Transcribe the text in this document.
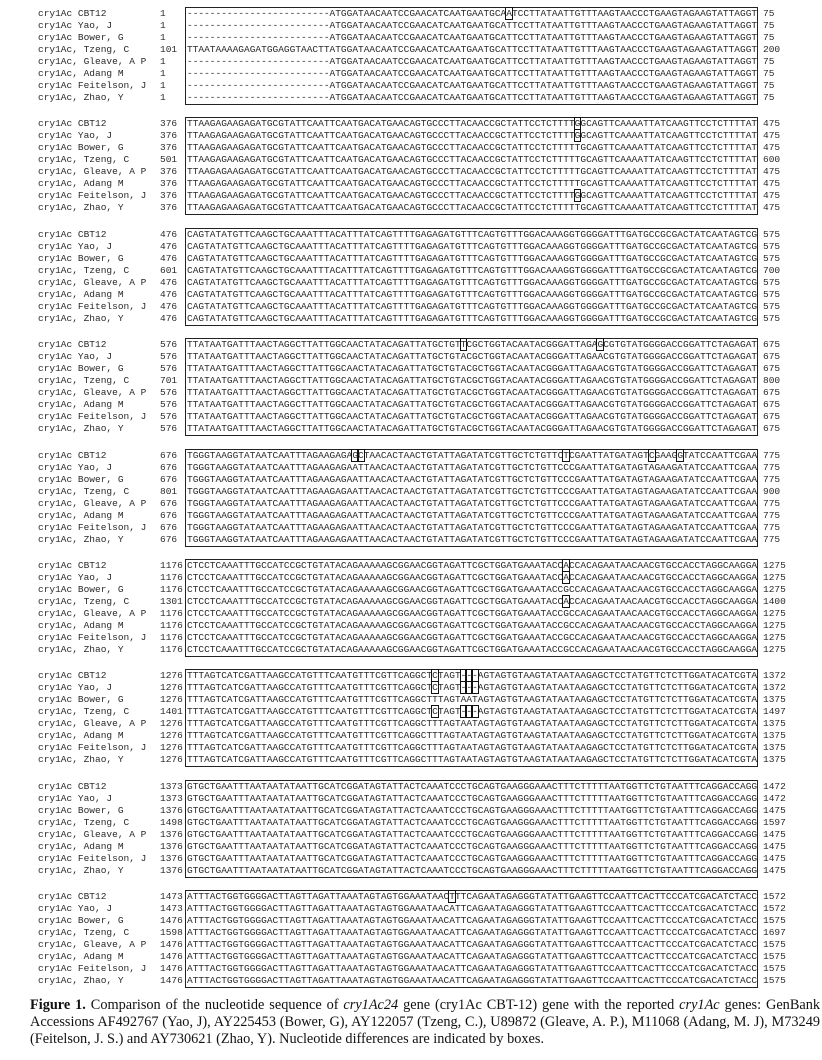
cry1Ac CBT12	1 -------------------------ATGGATAACAATCCGAACATCAATGAATGCAATCCTTATAATTGTTTAAGTAACCCTGAAGTAGAAGTATTAGGT 75
cry1Ac Yao, J	1 -------------------------ATGGATAACAATCCGAACATCAATGAATGCATTCCTTATAATTGTTTAAGTAACCCTGAAGTAGAAGTATTAGGT 75
cry1Ac Bower, G	1 -------------------------ATGGATAACAATCCGAACATCAATGAATGCATTCCTTATAATTGTTTAAGTAACCCTGAAGTAGAAGTATTAGGT 75
cry1Ac, Tzeng, C	101 TTAATAAAAGAGATGGAGGTAACTTATGGATAACAATCCGAACATCAATGAATGCATTCCTTATAATTGTTTAAGTAACCCTGAAGTAGAAGTATTAGGT 200
cry1Ac, Gleave, A P 1 -------------------------ATGGATAACAATCCGAACATCAATGAATGCATTCCTTATAATTGTTTAAGTAACCCTGAAGTAGAAGTATTAGGT 75
cry1Ac, Adang M	1 -------------------------ATGGATAACAATCCGAACATCAATGAATGCATTCCTTATAATTGTTTAAGTAACCCTGAAGTAGAAGTATTAGGT 75
cry1Ac Feitelson, J 1 -------------------------ATGGATAACAATCCGAACATCAATGAATGCATTCCTTATAATTGTTTAAGTAACCCTGAAGTAGAAGTATTAGGT 75
cry1Ac, Zhao, Y	1 -------------------------ATGGATAACAATCCGAACATCAATGAATGCATTCCTTATAATTGTTTAAGTAACCCTGAAGTAGAAGTATTAGGT 75
cry1Ac CBT12	376 TTAAGAGAAGAGATGCGTATTCAATTCAATGACATGAACAGTGCCCTTACAACCGCTATTCCTCTTTTGGCAGTTCAAAATTATCAAGTTCCTCTTTTAT 475
cry1Ac Yao, J	376 TTAAGAGAAGAGATGCGTATTCAATTCAATGACATGAACAGTGCCCTTACAACCGCTATTCCTCTTTTGGCAGTTCAAAATTATCAAGTTCCTCTTTTAT 475
cry1Ac Bower, G	376 TTAAGAGAAGAGATGCGTATTCAATTCAATGACATGAACAGTGCCCTTACAACCGCTATTCCTCTTTTTGCAGTTCAAAATTATCAAGTTCCTCTTTTAT 475
cry1Ac, Tzeng, C	501 TTAAGAGAAGAGATGCGTATTCAATTCAATGACATGAACAGTGCCCTTACAACCGCTATTCCTCTTTTTGCAGTTCAAAATTATCAAGTTCCTCTTTTAT 600
cry1Ac, Gleave, A P 376 TTAAGAGAAGAGATGCGTATTCAATTCAATGACATGAACAGTGCCCTTACAACCGCTATTCCTCTTTTTGCAGTTCAAAATTATCAAGTTCCTCTTTTAT 475
cry1Ac, Adang M	376 TTAAGAGAAGAGATGCGTATTCAATTCAATGACATGAACAGTGCCCTTACAACCGCTATTCCTCTTTTTGCAGTTCAAAATTATCAAGTTCCTCTTTTAT 475
cry1Ac Feitelson, J 376 TTAAGAGAAGAGATGCGTATTCAATTCAATGACATGAACAGTGCCCTTACAACCGCTATTCCTCTTTTGGCAGTTCAAAATTATCAAGTTCCTCTTTTAT 475
cry1Ac, Zhao, Y	376 TTAAGAGAAGAGATGCGTATTCAATTCAATGACATGAACAGTGCCCTTACAACCGCTATTCCTCTTTTTGCAGTTCAAAATTATCAAGTTCCTCTTTTAT 475
cry1Ac CBT12	476 CAGTATATGTTCAAGCTGCAAATTTACATTTATCAGTTTTGAGAGATGTTTCAGTGTTTGGACAAAGGTGGGGATTTGATGCCGCGACTATCAATAGTCG 575
cry1Ac Yao, J	476 CAGTATATGTTCAAGCTGCAAATTTACATTTATCAGTTTTGAGAGATGTTTCAGTGTTTGGACAAAGGTGGGGATTTGATGCCGCGACTATCAATAGTCG 575
cry1Ac Bower, G	476 CAGTATATGTTCAAGCTGCAAATTTACATTTATCAGTTTTGAGAGATGTTTCAGTGTTTGGACAAAGGTGGGGATTTGATGCCGCGACTATCAATAGTCG 575
cry1Ac, Tzeng, C	601 CAGTATATGTTCAAGCTGCAAATTTACATTTATCAGTTTTGAGAGATGTTTCAGTGTTTGGACAAAGGTGGGGATTTGATGCCGCGACTATCAATAGTCG 700
cry1Ac, Gleave, A P 476 CAGTATATGTTCAAGCTGCAAATTTACATTTATCAGTTTTGAGAGATGTTTCAGTGTTTGGACAAAGGTGGGGATTTGATGCCGCGACTATCAATAGTCG 575
cry1Ac, Adang M	476 CAGTATATGTTCAAGCTGCAAATTTACATTTATCAGTTTTGAGAGATGTTTCAGTGTTTGGACAAAGGTGGGGATTTGATGCCGCGACTATCAATAGTCG 575
cry1Ac Feitelson, J 476 CAGTATATGTTCAAGCTGCAAATTTACATTTATCAGTTTTGAGAGATGTTTCAGTGTTTGGACAAAGGTGGGGATTTGATGCCGCGACTATCAATAGTCG 575
cry1Ac, Zhao, Y	476 CAGTATATGTTCAAGCTGCAAATTTACATTTATCAGTTTTGAGAGATGTTTCAGTGTTTGGACAAAGGTGGGGATTTGATGCCGCGACTATCAATAGTCG 575
cry1Ac CBT12	576 TTATAATGATTTAACTAGGCTTATTGGCAACTATACAGATTATGCTGTTCGCTGGTACAATACGGGATTAGAGCGTGTATGGGGACCGGATTCTAGAGAT 675
cry1Ac Yao, J	576 TTATAATGATTTAACTAGGCTTATTGGCAACTATACAGATTATGCTGTACGCTGGTACAATACGGGATTAGAACGTGTATGGGGACCGGATTCTAGAGAT 675
cry1Ac Bower, G	576 TTATAATGATTTAACTAGGCTTATTGGCAACTATACAGATTATGCTGTACGCTGGTACAATACGGGATTAGAACGTGTATGGGGACCGGATTCTAGAGAT 675
cry1Ac, Tzeng, C	701 TTATAATGATTTAACTAGGCTTATTGGCAACTATACAGATTATGCTGTACGCTGGTACAATACGGGATTAGAACGTGTATGGGGACCGGATTCTAGAGAT 800
cry1Ac, Gleave, A P 576 TTATAATGATTTAACTAGGCTTATTGGCAACTATACAGATTATGCTGTACGCTGGTACAATACGGGATTAGAACGTGTATGGGGACCGGATTCTAGAGAT 675
cry1Ac, Adang M	576 TTATAATGATTTAACTAGGCTTATTGGCAACTATACAGATTATGCTGTACGCTGGTACAATACGGGATTAGAACGTGTATGGGGACCGGATTCTAGAGAT 675
cry1Ac Feitelson, J 576 TTATAATGATTTAACTAGGCTTATTGGCAACTATACAGATTATGCTGTACGCTGGTACAATACGGGATTAGAACGTGTATGGGGACCGGATTCTAGAGAT 675
cry1Ac, Zhao, Y	576 TTATAATGATTTAACTAGGCTTATTGGCAACTATACAGATTATGCTGTACGCTGGTACAATACGGGATTAGAACGTGTATGGGGACCGGATTCTAGAGAT 675
cry1Ac CBT12	676 TGGGTAAGGTATAATCAATTTAGAAGAGAGCTAACACTAACTGTATTAGATATCGTTGCTCTGTTCTCGAATTATGATAGTCGAAGGTATCCAATTCGAA 775
cry1Ac Yao, J	676 TGGGTAAGGTATAATCAATTTAGAAGAGAATTAACACTAACTGTATTAGATATCGTTGCTCTGTTCCCGAATTATGATAGTAGAAGATATCCAATTCGAA 775
cry1Ac Bower, G	676 TGGGTAAGGTATAATCAATTTAGAAGAGAATTAACACTAACTGTATTAGATATCGTTGCTCTGTTCCCGAATTATGATAGTAGAAGATATCCAATTCGAA 775
cry1Ac, Tzeng, C	801 TGGGTAAGGTATAATCAATTTAGAAGAGAATTAACACTAACTGTATTAGATATCGTTGCTCTGTTCCCGAATTATGATAGTAGAAGATATCCAATTCGAA 900
cry1Ac, Gleave, A P 676 TGGGTAAGGTATAATCAATTTAGAAGAGAATTAACACTAACTGTATTAGATATCGTTGCTCTGTTCCCGAATTATGATAGTAGAAGATATCCAATTCGAA 775
cry1Ac, Adang M	676 TGGGTAAGGTATAATCAATTTAGAAGAGAATTAACACTAACTGTATTAGATATCGTTGCTCTGTTCCCGAATTATGATAGTAGAAGATATCCAATTCGAA 775
cry1Ac Feitelson, J 676 TGGGTAAGGTATAATCAATTTAGAAGAGAATTAACACTAACTGTATTAGATATCGTTGCTCTGTTCCCGAATTATGATAGTAGAAGATATCCAATTCGAA 775
cry1Ac, Zhao, Y	676 TGGGTAAGGTATAATCAATTTAGAAGAGAATTAACACTAACTGTATTAGATATCGTTGCTCTGTTCCCGAATTATGATAGTAGAAGATATCCAATTCGAA 775
cry1Ac CBT12	1176 CTCCTCAAATTTGCCATCCGCTGTATACAGAAAAAGCGGAACGGTAGATTCGCTGGATGAAATACCACCACAGAATAACAACGTGCCACCTAGGCAAGGA 1275
cry1Ac Yao, J	1176 CTCCTCAAATTTGCCATCCGCTGTATACAGAAAAAGCGGAACGGTAGATTCGCTGGATGAAATACCACCACAGAATAACAACGTGCCACCTAGGCAAGGA 1275
cry1Ac Bower, G	1176 CTCCTCAAATTTGCCATCCGCTGTATACAGAAAAAGCGGAACGGTAGATTCGCTGGATGAAATACCGCCACAGAATAACAACGTGCCACCTAGGCAAGGA 1275
cry1Ac, Tzeng, C	1301 CTCCTCAAATTTGCCATCCGCTGTATACAGAAAAAGCGGAACGGTAGATTCGCTGGATGAAATACCACCACAGAATAACAACGTGCCACCTAGGCAAGGA 1400
cry1Ac, Gleave, A P 1176 CTCCTCAAATTTGCCATCCGCTGTATACAGAAAAAGCGGAACGGTAGATTCGCTGGATGAAATACCGCCACAGAATAACAACGTGCCACCTAGGCAAGGA 1275
cry1Ac, Adang M	1176 CTCCTCAAATTTGCCATCCGCTGTATACAGAAAAAGCGGAACGGTAGATTCGCTGGATGAAATACCGCCACAGAATAACAACGTGCCACCTAGGCAAGGA 1275
cry1Ac Feitelson, J 1176 CTCCTCAAATTTGCCATCCGCTGTATACAGAAAAAGCGGAACGGTAGATTCGCTGGATGAAATACCGCCACAGAATAACAACGTGCCACCTAGGCAAGGA 1275
cry1Ac, Zhao, Y	1176 CTCCTCAAATTTGCCATCCGCTGTATACAGAAAAAGCGGAACGGTAGATTCGCTGGATGAAATACCGCCACAGAATAACAACGTGCCACCTAGGCAAGGA 1275
cry1Ac CBT12	1276 TTTAGTCATCGATTAAGCCATGTTTCAATGTTTCGTTCAGGCTCTAGT---AGTAGTGTAAGTATAATAAGAGCTCCTATGTTCTCTTGGATACATCGTA 1372
cry1Ac Yao, J	1276 TTTAGTCATCGATTAAGCCATGTTTCAATGTTTCGTTCAGGCTCTAGT---AGTAGTGTAAGTATAATAAGAGCTCCTATGTTCTCTTGGATACATCGTA 1372
cry1Ac Bower, G	1276 TTTAGTCATCGATTAAGCCATGTTTCAATGTTTCGTTCAGGCTTTAGTAATAGTAGTGTAAGTATAATAAGAGCTCCTATGTTCTCTTGGATACATCGTA 1375
cry1Ac, Tzeng, C	1401 TTTAGTCATCGATTAAGCCATGTTTCAATGTTTCGTTCAGGCTCTAGT---AGTAGTGTAAGTATAATAAGAGCTCCTATGTTCTCTTGGATACATCGTA 1497
cry1Ac, Gleave, A P 1276 TTTAGTCATCGATTAAGCCATGTTTCAATGTTTCGTTCAGGCTTTAGTAATAGTAGTGTAAGTATAATAAGAGCTCCTATGTTCTCTTGGATACATCGTA 1375
cry1Ac, Adang M	1276 TTTAGTCATCGATTAAGCCATGTTTCAATGTTTCGTTCAGGCTTTAGTAATAGTAGTGTAAGTATAATAAGAGCTCCTATGTTCTCTTGGATACATCGTA 1375
cry1Ac Feitelson, J 1276 TTTAGTCATCGATTAAGCCATGTTTCAATGTTTCGTTCAGGCTTTAGTAATAGTAGTGTAAGTATAATAAGAGCTCCTATGTTCTCTTGGATACATCGTA 1375
cry1Ac, Zhao, Y	1276 TTTAGTCATCGATTAAGCCATGTTTCAATGTTTCGTTCAGGCTTTAGTAATAGTAGTGTAAGTATAATAAGAGCTCCTATGTTCTCTTGGATACATCGTA 1375
cry1Ac CBT12	1373 GTGCTGAATTTAATAATATAATTGCATCGGATAGTATTACTCAAATCCCTGCAGTGAAGGGAAACTTTCTTTTTAATGGTTCTGTAATTTCAGGACCAGG 1472
cry1Ac Yao, J	1373 GTGCTGAATTTAATAATATAATTGCATCGGATAGTATTACTCAAATCCCTGCAGTGAAGGGAAACTTTCTTTTTAATGGTTCTGTAATTTCAGGACCAGG 1472
cry1Ac Bower, G	1376 GTGCTGAATTTAATAATATAATTGCATCGGATAGTATTACTCAAATCCCTGCAGTGAAGGGAAACTTTCTTTTTAATGGTTCTGTAATTTCAGGACCAGG 1475
cry1Ac, Tzeng, C	1498 GTGCTGAATTTAATAATATAATTGCATCGGATAGTATTACTCAAATCCCTGCAGTGAAGGGAAACTTTCTTTTTAATGGTTCTGTAATTTCAGGACCAGG 1597
cry1Ac, Gleave, A P 1376 GTGCTGAATTTAATAATATAATTGCATCGGATAGTATTACTCAAATCCCTGCAGTGAAGGGAAACTTTCTTTTTAATGGTTCTGTAATTTCAGGACCAGG 1475
cry1Ac, Adang M	1376 GTGCTGAATTTAATAATATAATTGCATCGGATAGTATTACTCAAATCCCTGCAGTGAAGGGAAACTTTCTTTTTAATGGTTCTGTAATTTCAGGACCAGG 1475
cry1Ac Feitelson, J 1376 GTGCTGAATTTAATAATATAATTGCATCGGATAGTATTACTCAAATCCCTGCAGTGAAGGGAAACTTTCTTTTTAATGGTTCTGTAATTTCAGGACCAGG 1475
cry1Ac, Zhao, Y	1376 GTGCTGAATTTAATAATATAATTGCATCGGATAGTATTACTCAAATCCCTGCAGTGAAGGGAAACTTTCTTTTTAATGGTTCTGTAATTTCAGGACCAGG 1475
cry1Ac CBT12	1473 ATTTACTGGTGGGGACTTAGTTAGATTAAATAGTAGTGGAAATAACTTTCAGAATAGAGGGTATATTGAAGTTCCAATTCACTTCCCATCGACATCTACC 1572
cry1Ac Yao, J	1473 ATTTACTGGTGGGGACTTAGTTAGATTAAATAGTAGTGGAAATAACATTCAGAATAGAGGGTATATTGAAGTTCCAATTCACTTCCCATCGACATCTACC 1572
cry1Ac Bower, G	1476 ATTTACTGGTGGGGACTTAGTTAGATTAAATAGTAGTGGAAATAACATTCAGAATAGAGGGTATATTGAAGTTCCAATTCACTTCCCATCGACATCTACC 1575
cry1Ac, Tzeng, C	1598 ATTTACTGGTGGGGACTTAGTTAGATTAAATAGTAGTGGAAATAACATTCAGAATAGAGGGTATATTGAAGTTCCAATTCACTTCCCATCGACATCTACC 1697
cry1Ac, Gleave, A P 1476 ATTTACTGGTGGGGACTTAGTTAGATTAAATAGTAGTGGAAATAACATTCAGAATAGAGGGTATATTGAAGTTCCAATTCACTTCCCATCGACATCTACC 1575
cry1Ac, Adang M	1476 ATTTACTGGTGGGGACTTAGTTAGATTAAATAGTAGTGGAAATAACATTCAGAATAGAGGGTATATTGAAGTTCCAATTCACTTCCCATCGACATCTACC 1575
cry1Ac Feitelson, J 1476 ATTTACTGGTGGGGACTTAGTTAGATTAAATAGTAGTGGAAATAACATTCAGAATAGAGGGTATATTGAAGTTCCAATTCACTTCCCATCGACATCTACC 1575
cry1Ac, Zhao, Y	1476 ATTTACTGGTGGGGACTTAGTTAGATTAAATAGTAGTGGAAATAACATTCAGAATAGAGGGTATATTGAAGTTCCAATTCACTTCCCATCGACATCTACC 1575
Figure 1. Comparison of the nucleotide sequence of cry1Ac24 gene (cry1Ac CBT-12) gene with the reported cry1Ac genes: GenBank Accessions AF492767 (Yao, J), AY225453 (Bower, G), AY122057 (Tzeng, C.), U89872 (Gleave, A. P.), M11068 (Adang, M. J), M73249 (Feitelson, J. S.) and AY730621 (Zhao, Y). Nucleotide differences are indicated by boxes.
